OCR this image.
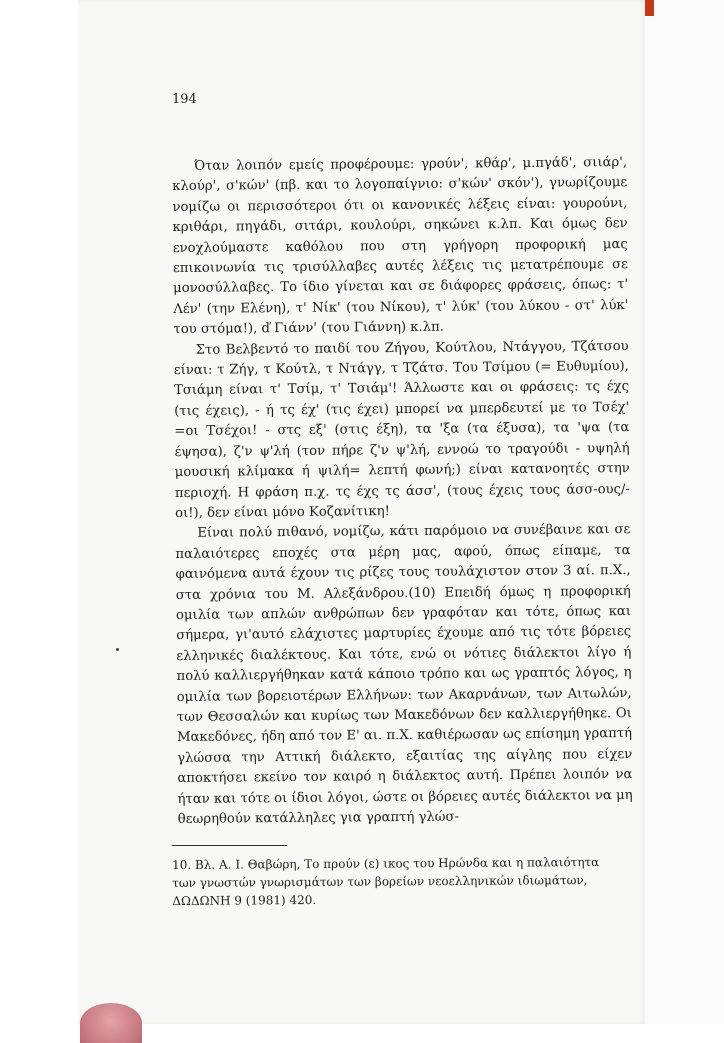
194

Όταν λοιπόν εμείς προφέρουμε: γρούν', κθάρ', μ.πγάδ', σιιάρ', κλούρ', σ'κών' (πβ. και το λογοπαίγνιο: σ'κών' σκόν'), γνωρίζουμε νομίζω οι περισσότεροι ότι οι κανονικές λέξεις είναι: γουρούνι, κριθάρι, πηγάδι, σιτάρι, κουλούρι, σηκώνει κ.λπ. Και όμως δεν ενοχλούμαστε καθόλου που στη γρήγορη προφορική μας επικοινωνία τις τρισύλλαβες αυτές λέξεις τις μετατρέπουμε σε μονοσύλλαβες. Το ίδιο γίνεται και σε διάφορες φράσεις, όπως: τ' Λέν' (την Ελένη), τ' Νίκ' (του Νίκου), τ' λύκ' (του λύκου - στ' λύκ' του στόμα!), ď Γιάνν' (του Γιάννη) κ.λπ.

Στο Βελβεντό το παιδί του Ζήγου, Κούτλου, Ντάγγου, Τζάτσου είναι: τ Ζήγ, τ Κούτλ, τ Ντάγγ, τ Τζάτσ. Του Τσίμου (= Ευθυμίου), Τσιάμη είναι τ' Τσίμ, τ' Τσιάμ'! Άλλωστε και οι φράσεις: τς έχς (τις έχεις), - ή τς έχ' (τις έχει) μπορεί να μπερδευτεί με το Τσέχ' =οι Τσέχοι! - στς εξ' (στις έξη), τα 'ξα (τα έξυσα), τα 'ψα (τα έψησα), ζ'ν ψ'λή (τον πήρε ζ'ν ψ'λή, εννοώ το τραγούδι - υψηλή μουσική κλίμακα ή ψιλή= λεπτή φωνή;) είναι κατανοητές στην περιοχή. Η φράση π.χ. τς έχς τς άσσ', (τους έχεις τους άσσ-ους/-οι!), δεν είναι μόνο Κοζανίτικη!

Είναι πολύ πιθανό, νομίζω, κάτι παρόμοιο να συνέβαινε και σε παλαιότερες εποχές στα μέρη μας, αφού, όπως είπαμε, τα φαινόμενα αυτά έχουν τις ρίζες τους τουλάχιστον στον 3 αί. π.Χ., στα χρόνια του Μ. Αλεξάνδρου.(10) Επειδή όμως η προφορική ομιλία των απλών ανθρώπων δεν γραφόταν και τότε, όπως και σήμερα, γι'αυτό ελάχιστες μαρτυρίες έχουμε από τις τότε βόρειες ελληνικές διαλέκτους. Και τότε, ενώ οι νότιες διάλεκτοι λίγο ή πολύ καλλιεργήθηκαν κατά κάποιο τρόπο και ως γραπτός λόγος, η ομιλία των βορειοτέρων Ελλήνων: των Ακαρνάνων, των Αιτωλών, των Θεσσαλών και κυρίως των Μακεδόνων δεν καλλιεργήθηκε. Οι Μακεδόνες, ήδη από τον Ε' αι. π.Χ. καθιέρωσαν ως επίσημη γραπτή γλώσσα την Αττική διάλεκτο, εξαιτίας της αίγλης που είχεν αποκτήσει εκείνο τον καιρό η διάλεκτος αυτή. Πρέπει λοιπόν να ήταν και τότε οι ίδιοι λόγοι, ώστε οι βόρειες αυτές διάλεκτοι να μη θεωρηθούν κατάλληλες για γραπτή γλώσ-

10. Βλ. Α. Ι. Θαβώρη, Το προύν (ε) ικος του Ηρώνδα και η παλαιότητα των γνωστών γνωρισμάτων των βορείων νεοελληνικών ιδιωμάτων, ΔΩΔΩΝΗ 9 (1981) 420.
